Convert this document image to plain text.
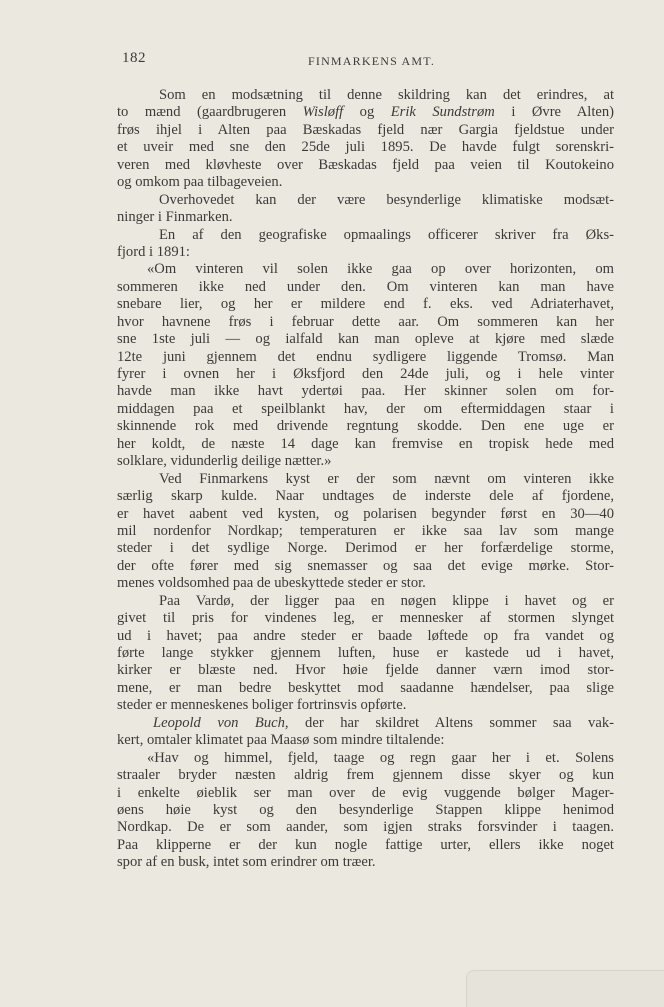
182	FINMARKENS AMT.
Som en modsætning til denne skildring kan det erindres, at
to mænd (gaardbrugeren Wisløff og Erik Sundstrøm i Øvre Alten)
frøs ihjel i Alten paa Bæskadas fjeld nær Gargia fjeldstue under
et uveir med sne den 25de juli 1895. De havde fulgt sorenskri-
veren med kløvheste over Bæskadas fjeld paa veien til Koutokeino
og omkom paa tilbageveien.
Overhovedet kan der være besynderlige klimatiske modsæt-
ninger i Finmarken.
En af den geografiske opmaalings officerer skriver fra Øks-
fjord i 1891:
«Om vinteren vil solen ikke gaa op over horizonten, om
sommeren ikke ned under den. Om vinteren kan man have
snebare lier, og her er mildere end f. eks. ved Adriaterhavet,
hvor havnene frøs i februar dette aar. Om sommeren kan her
sne 1ste juli — og ialfald kan man opleve at kjøre med slæde
12te juni gjennem det endnu sydligere liggende Tromsø. Man
fyrer i ovnen her i Øksfjord den 24de juli, og i hele vinter
havde man ikke havt ydertøi paa. Her skinner solen om for-
middagen paa et speilblankt hav, der om eftermiddagen staar i
skinnende rok med drivende regntung skodde. Den ene uge er
her koldt, de næste 14 dage kan fremvise en tropisk hede med
solklare, vidunderlig deilige nætter.»
Ved Finmarkens kyst er der som nævnt om vinteren ikke
særlig skarp kulde. Naar undtages de inderste dele af fjordene,
er havet aabent ved kysten, og polarisen begynder først en 30—40
mil nordenfor Nordkap; temperaturen er ikke saa lav som mange
steder i det sydlige Norge. Derimod er her forfærdelige storme,
der ofte fører med sig snemasser og saa det evige mørke. Stor-
menes voldsomhed paa de ubeskyttede steder er stor.
Paa Vardø, der ligger paa en nøgen klippe i havet og er
givet til pris for vindenes leg, er mennesker af stormen slynget
ud i havet; paa andre steder er baade løftede op fra vandet og
førte lange stykker gjennem luften, huse er kastede ud i havet,
kirker er blæste ned. Hvor høie fjelde danner værn imod stor-
mene, er man bedre beskyttet mod saadanne hændelser, paa slige
steder er menneskenes boliger fortrinsvis opførte.
Leopold von Buch, der har skildret Altens sommer saa vak-
kert, omtaler klimatet paa Maasø som mindre tiltalende:
«Hav og himmel, fjeld, taage og regn gaar her i et. Solens
straaler bryder næsten aldrig frem gjennem disse skyer og kun
i enkelte øieblik ser man over de evig vuggende bølger Mager-
øens høie kyst og den besynderlige Stappen klippe henimod
Nordkap. De er som aander, som igjen straks forsvinder i taagen.
Paa klipperne er der kun nogle fattige urter, ellers ikke noget
spor af en busk, intet som erindrer om træer.
